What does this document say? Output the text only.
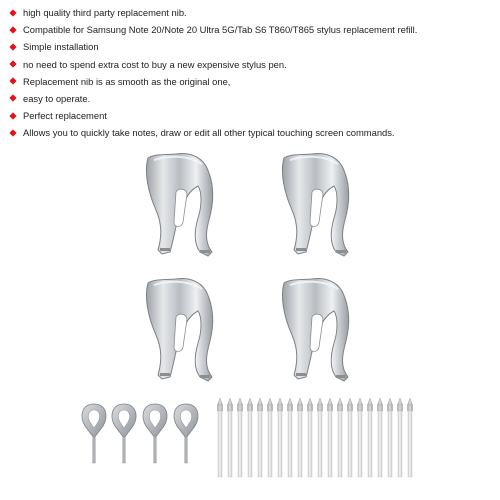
high quality third party replacement nib.
Compatible for Samsung Note 20/Note 20 Ultra 5G/Tab S6 T860/T865 stylus replacement refill.
Simple installation
no need to spend extra cost to buy a new expensive stylus pen.
Replacement nib is as smooth as the original one,
easy to operate.
Perfect replacement
Allows you to quickly take notes, draw or edit all other typical touching screen commands.
